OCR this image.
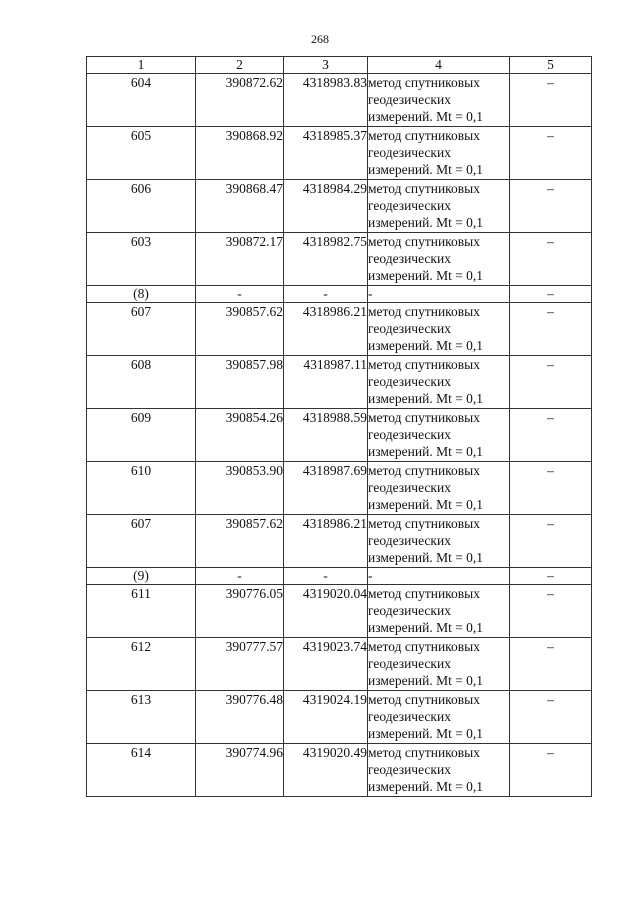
268
1	2	3	4	5
604	390872.62	4318983.83	метод спутниковых
геодезических
измерений. Mt = 0,1	–
605	390868.92	4318985.37	метод спутниковых
геодезических
измерений. Mt = 0,1	–
606	390868.47	4318984.29	метод спутниковых
геодезических
измерений. Mt = 0,1	–
603	390872.17	4318982.75	метод спутниковых
геодезических
измерений. Mt = 0,1	–
(8)	-	-	-	–
607	390857.62	4318986.21	метод спутниковых
геодезических
измерений. Mt = 0,1	–
608	390857.98	4318987.11	метод спутниковых
геодезических
измерений. Mt = 0,1	–
609	390854.26	4318988.59	метод спутниковых
геодезических
измерений. Mt = 0,1	–
610	390853.90	4318987.69	метод спутниковых
геодезических
измерений. Mt = 0,1	–
607	390857.62	4318986.21	метод спутниковых
геодезических
измерений. Mt = 0,1	–
(9)	-	-	-	–
611	390776.05	4319020.04	метод спутниковых
геодезических
измерений. Mt = 0,1	–
612	390777.57	4319023.74	метод спутниковых
геодезических
измерений. Mt = 0,1	–
613	390776.48	4319024.19	метод спутниковых
геодезических
измерений. Mt = 0,1	–
614	390774.96	4319020.49	метод спутниковых
геодезических
измерений. Mt = 0,1	–
